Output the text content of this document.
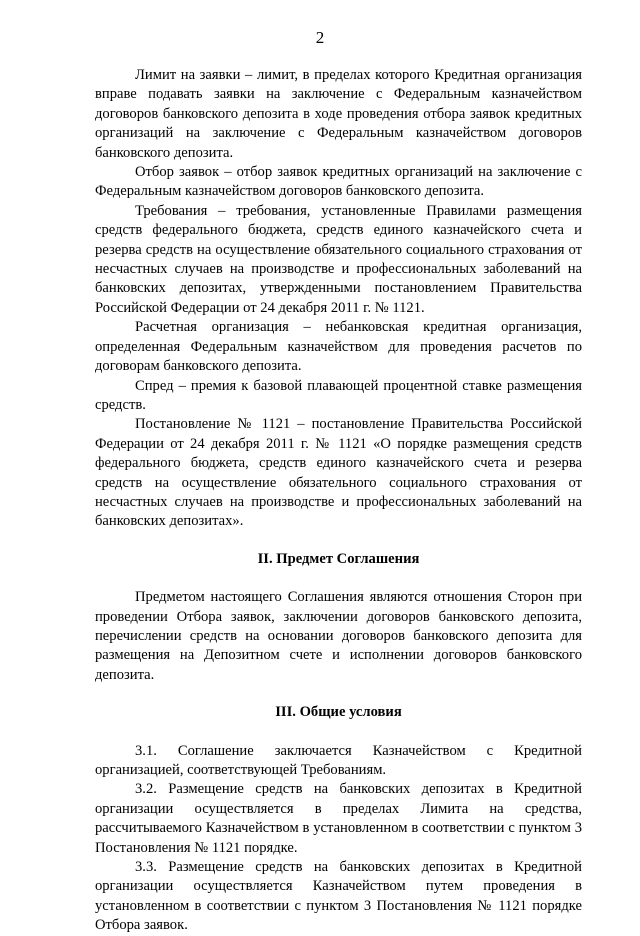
2

Лимит на заявки – лимит, в пределах которого Кредитная организация вправе подавать заявки на заключение с Федеральным казначейством договоров банковского депозита в ходе проведения отбора заявок кредитных организаций на заключение с Федеральным казначейством договоров банковского депозита.

Отбор заявок – отбор заявок кредитных организаций на заключение с Федеральным казначейством договоров банковского депозита.

Требования – требования, установленные Правилами размещения средств федерального бюджета, средств единого казначейского счета и резерва средств на осуществление обязательного социального страхования от несчастных случаев на производстве и профессиональных заболеваний на банковских депозитах, утвержденными постановлением Правительства Российской Федерации от 24 декабря 2011 г. № 1121.

Расчетная организация – небанковская кредитная организация, определенная Федеральным казначейством для проведения расчетов по договорам банковского депозита.

Спред – премия к базовой плавающей процентной ставке размещения средств.

Постановление № 1121 – постановление Правительства Российской Федерации от 24 декабря 2011 г. № 1121 «О порядке размещения средств федерального бюджета, средств единого казначейского счета и резерва средств на осуществление обязательного социального страхования от несчастных случаев на производстве и профессиональных заболеваний на банковских депозитах».

II. Предмет Соглашения

Предметом настоящего Соглашения являются отношения Сторон при проведении Отбора заявок, заключении договоров банковского депозита, перечислении средств на основании договоров банковского депозита для размещения на Депозитном счете и исполнении договоров банковского депозита.

III. Общие условия

3.1. Соглашение заключается Казначейством с Кредитной организацией, соответствующей Требованиям.

3.2. Размещение средств на банковских депозитах в Кредитной организации осуществляется в пределах Лимита на средства, рассчитываемого Казначейством в установленном в соответствии с пунктом 3 Постановления № 1121 порядке.

3.3. Размещение средств на банковских депозитах в Кредитной организации осуществляется Казначейством путем проведения в установленном в соответствии с пунктом 3 Постановления № 1121 порядке Отбора заявок.
